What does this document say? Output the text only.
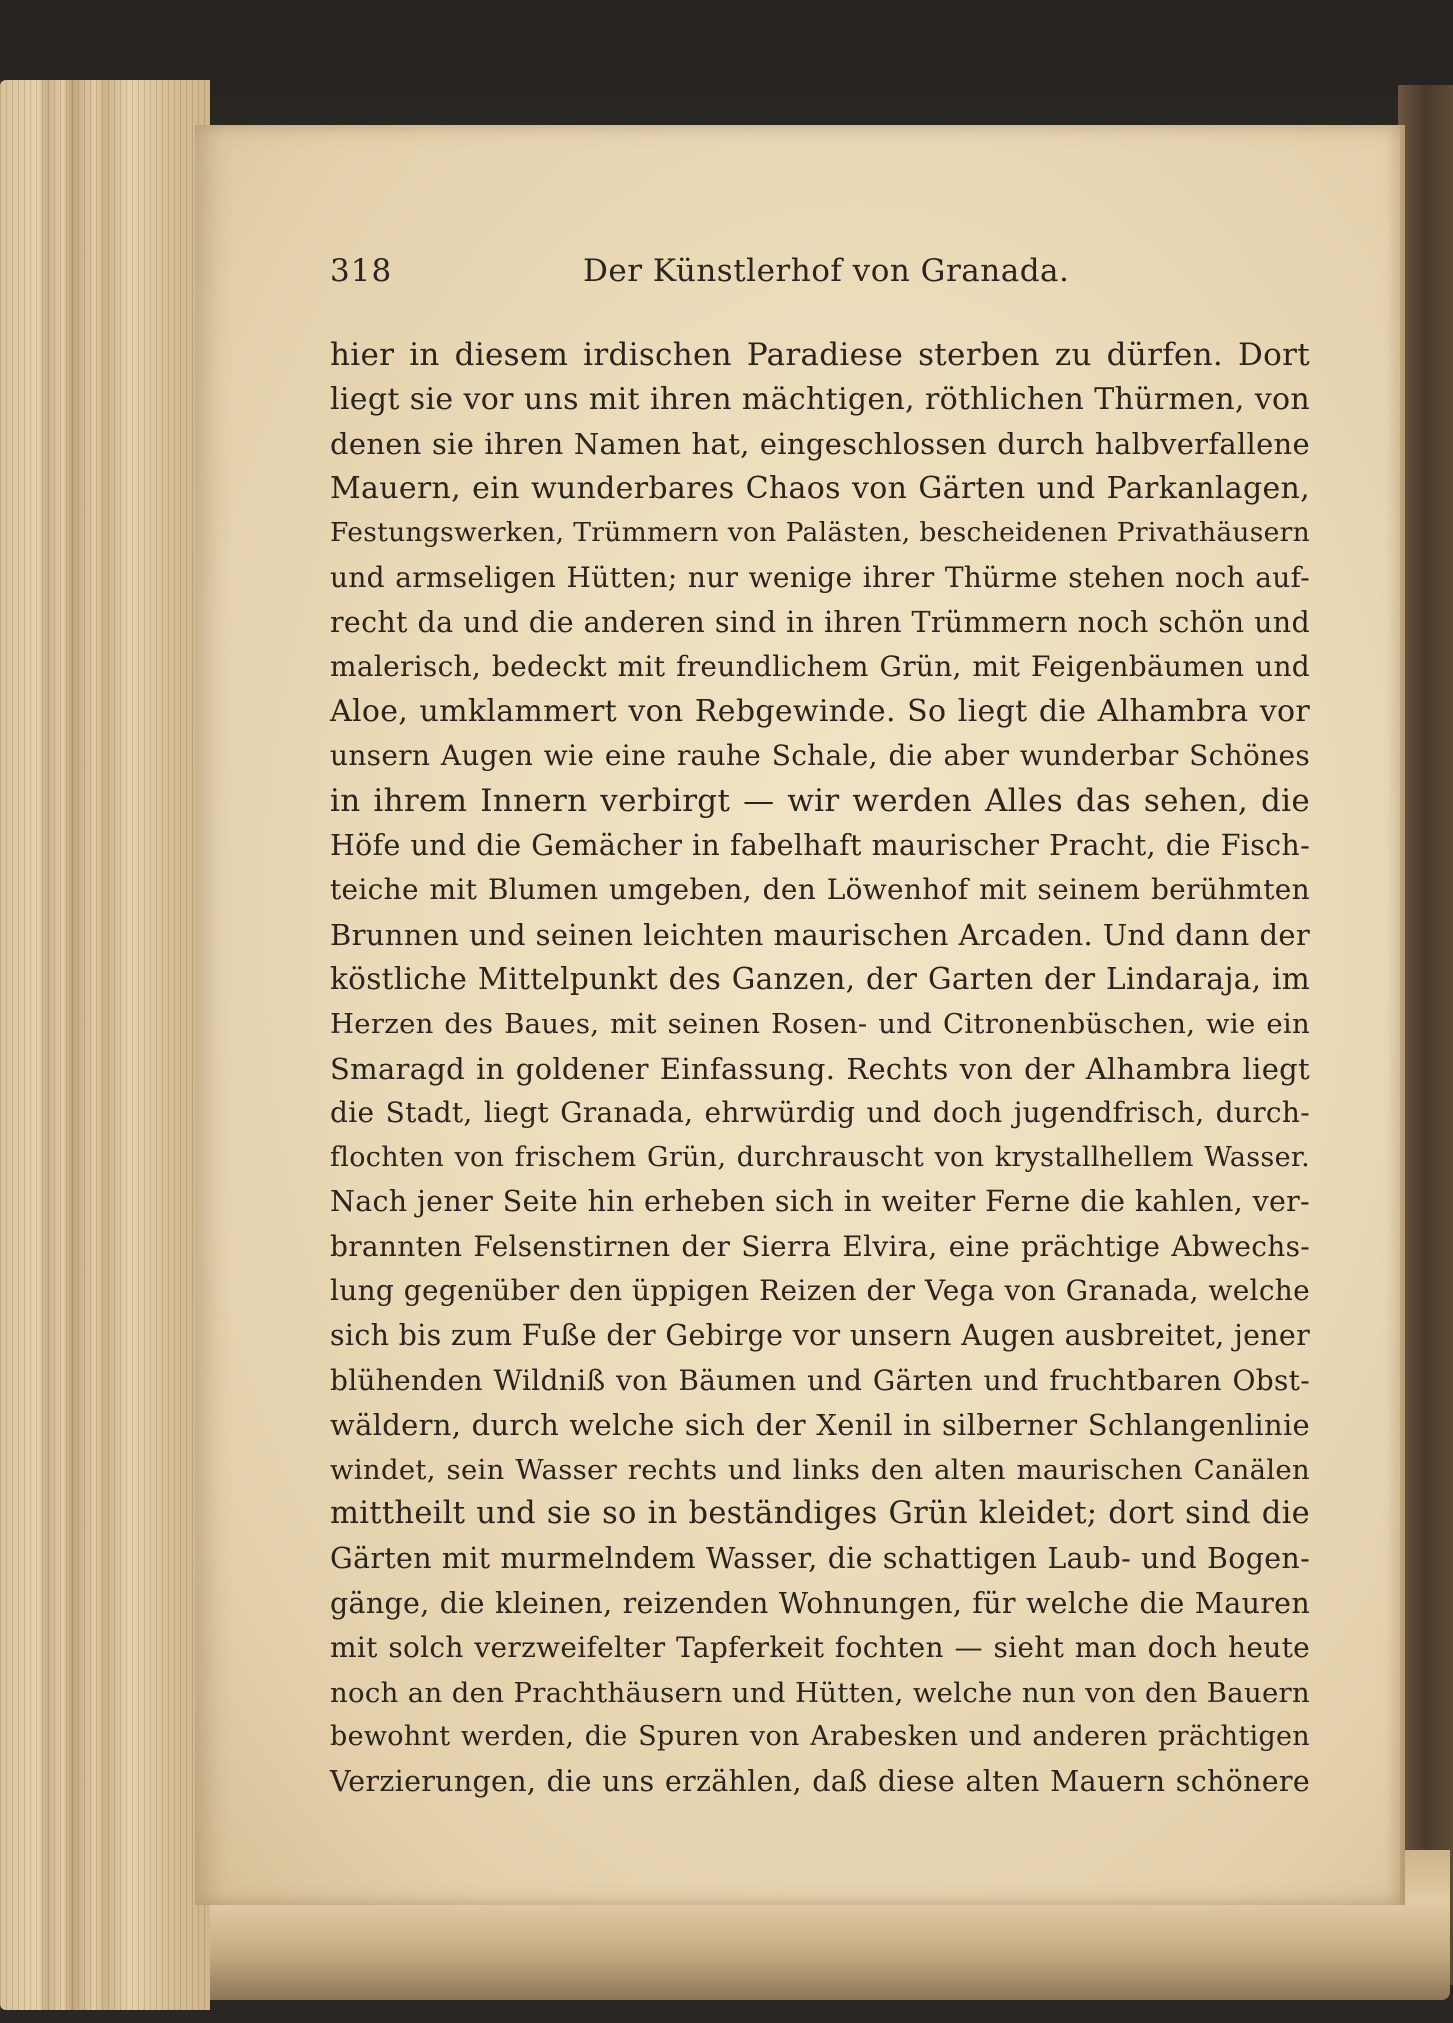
318	Der Künstlerhof von Granada.
hier in diesem irdischen Paradiese sterben zu dürfen. Dort
liegt sie vor uns mit ihren mächtigen, röthlichen Thürmen, von
denen sie ihren Namen hat, eingeschlossen durch halbverfallene
Mauern, ein wunderbares Chaos von Gärten und Parkanlagen,
Festungswerken, Trümmern von Palästen, bescheidenen Privathäusern
und armseligen Hütten; nur wenige ihrer Thürme stehen noch auf-
recht da und die anderen sind in ihren Trümmern noch schön und
malerisch, bedeckt mit freundlichem Grün, mit Feigenbäumen und
Aloe, umklammert von Rebgewinde. So liegt die Alhambra vor
unsern Augen wie eine rauhe Schale, die aber wunderbar Schönes
in ihrem Innern verbirgt — wir werden Alles das sehen, die
Höfe und die Gemächer in fabelhaft maurischer Pracht, die Fisch-
teiche mit Blumen umgeben, den Löwenhof mit seinem berühmten
Brunnen und seinen leichten maurischen Arcaden. Und dann der
köstliche Mittelpunkt des Ganzen, der Garten der Lindaraja, im
Herzen des Baues, mit seinen Rosen- und Citronenbüschen, wie ein
Smaragd in goldener Einfassung. Rechts von der Alhambra liegt
die Stadt, liegt Granada, ehrwürdig und doch jugendfrisch, durch-
flochten von frischem Grün, durchrauscht von krystallhellem Wasser.
Nach jener Seite hin erheben sich in weiter Ferne die kahlen, ver-
brannten Felsenstirnen der Sierra Elvira, eine prächtige Abwechs-
lung gegenüber den üppigen Reizen der Vega von Granada, welche
sich bis zum Fuße der Gebirge vor unsern Augen ausbreitet, jener
blühenden Wildniß von Bäumen und Gärten und fruchtbaren Obst-
wäldern, durch welche sich der Xenil in silberner Schlangenlinie
windet, sein Wasser rechts und links den alten maurischen Canälen
mittheilt und sie so in beständiges Grün kleidet; dort sind die
Gärten mit murmelndem Wasser, die schattigen Laub- und Bogen-
gänge, die kleinen, reizenden Wohnungen, für welche die Mauren
mit solch verzweifelter Tapferkeit fochten — sieht man doch heute
noch an den Prachthäusern und Hütten, welche nun von den Bauern
bewohnt werden, die Spuren von Arabesken und anderen prächtigen
Verzierungen, die uns erzählen, daß diese alten Mauern schönere
